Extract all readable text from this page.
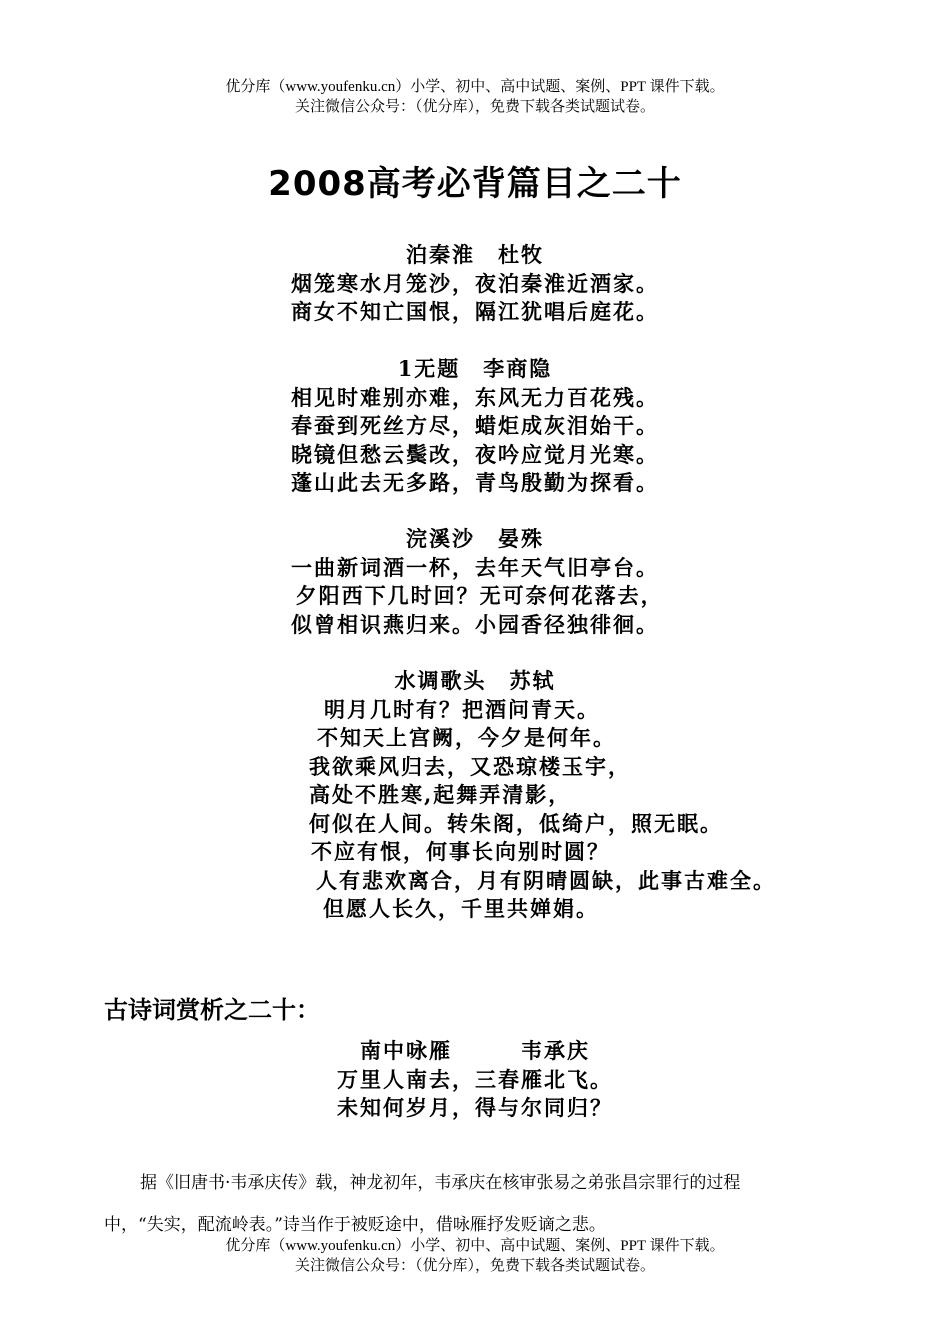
优分库（www.youfenku.cn）小学、初中、高中试题、案例、PPT 课件下载。
关注微信公众号：（优分库），免费下载各类试题试卷。
2008高考必背篇目之二十
泊秦淮　杜牧
烟笼寒水月笼沙，夜泊秦淮近酒家。
商女不知亡国恨，隔江犹唱后庭花。
1无题　李商隐
相见时难别亦难，东风无力百花残。
春蚕到死丝方尽，蜡炬成灰泪始干。
晓镜但愁云鬓改，夜吟应觉月光寒。
蓬山此去无多路，青鸟殷勤为探看。
浣溪沙　晏殊
一曲新词酒一杯，去年天气旧亭台。
夕阳西下几时回？无可奈何花落去，
似曾相识燕归来。小园香径独徘徊。
水调歌头　苏轼
明月几时有？把酒问青天。
不知天上宫阙，今夕是何年。
我欲乘风归去，又恐琼楼玉宇，
高处不胜寒,起舞弄清影，
何似在人间。转朱阁，低绮户，照无眠。
不应有恨，何事长向别时圆？
人有悲欢离合，月有阴晴圆缺，此事古难全。
但愿人长久，千里共婵娟。
古诗词赏析之二十：
南中咏雁　　　韦承庆
万里人南去，三春雁北飞。
未知何岁月，得与尔同归？
据《旧唐书·韦承庆传》载，神龙初年，韦承庆在核审张易之弟张昌宗罪行的过程
中，“失实，配流岭表。”诗当作于被贬途中，借咏雁抒发贬谪之悲。
优分库（www.youfenku.cn）小学、初中、高中试题、案例、PPT 课件下载。
关注微信公众号：（优分库），免费下载各类试题试卷。
